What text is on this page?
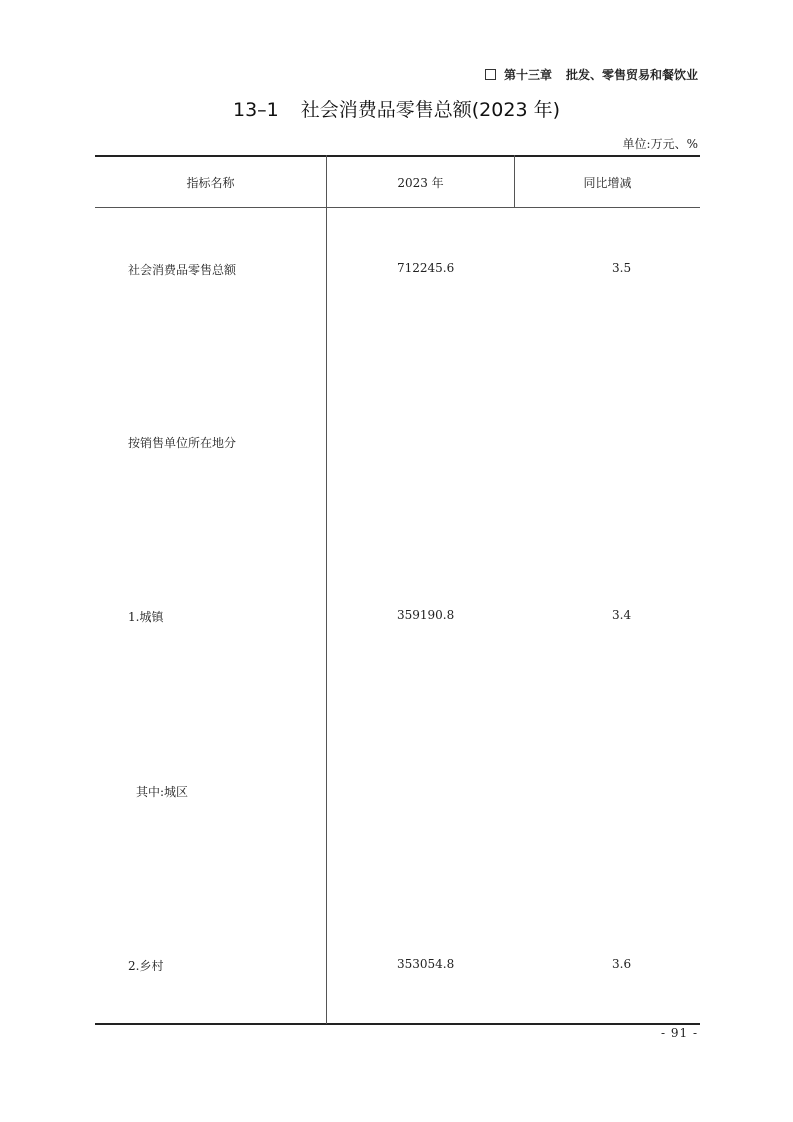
第十三章 批发、零售贸易和餐饮业
13–1 社会消费品零售总额(2023 年)
单位:万元、%
指标名称	2023 年	同比增减
社会消费品零售总额	712245.6	3.5
按销售单位所在地分
1.城镇	359190.8	3.4
其中:城区
2.乡村	353054.8	3.6
- 91 -
